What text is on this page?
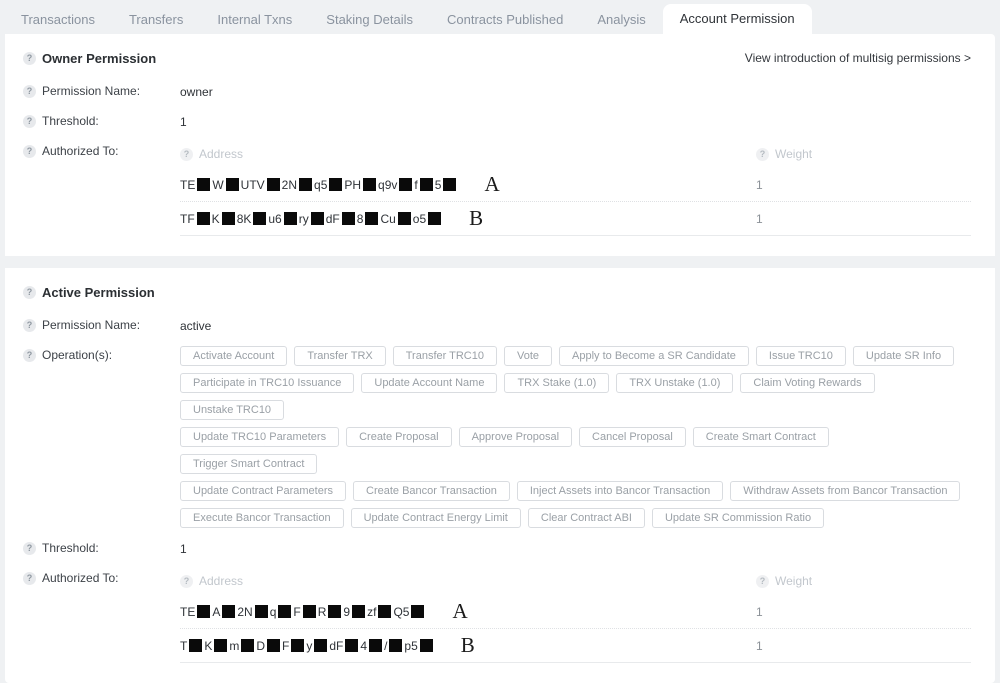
Transactions	Transfers	Internal Txns	Staking Details	Contracts Published	Analysis	Account Permission
? Owner Permission	View introduction of multisig permissions >
? Permission Name:	owner
? Threshold:	1
? Authorized To:	? Address	? Weight
TE W UTV 2N q5 PH q9v f 5	A	1
TF K 8K u6 ry dF 8 Cu o5	B	1
? Active Permission
? Permission Name:	active
? Operation(s):	Activate Account	Transfer TRX	Transfer TRC10	Vote	Apply to Become a SR Candidate	Issue TRC10	Update SR Info
Participate in TRC10 Issuance	Update Account Name	TRX Stake (1.0)	TRX Unstake (1.0)	Claim Voting RewardsUnstake TRC10
Update TRC10 Parameters	Create Proposal	Approve Proposal	Cancel Proposal	Create Smart ContractTrigger Smart Contract
Update Contract Parameters	Create Bancor Transaction	Inject Assets into Bancor Transaction	Withdraw Assets from Bancor Transaction
Execute Bancor Transaction	Update Contract Energy Limit	Clear Contract ABI	Update SR Commission Ratio
? Threshold:	1
? Authorized To:	? Address	? Weight
TE A 2N q F R 9 zf Q5	A	1
T K m D F y dF 4 / p5	B	1
